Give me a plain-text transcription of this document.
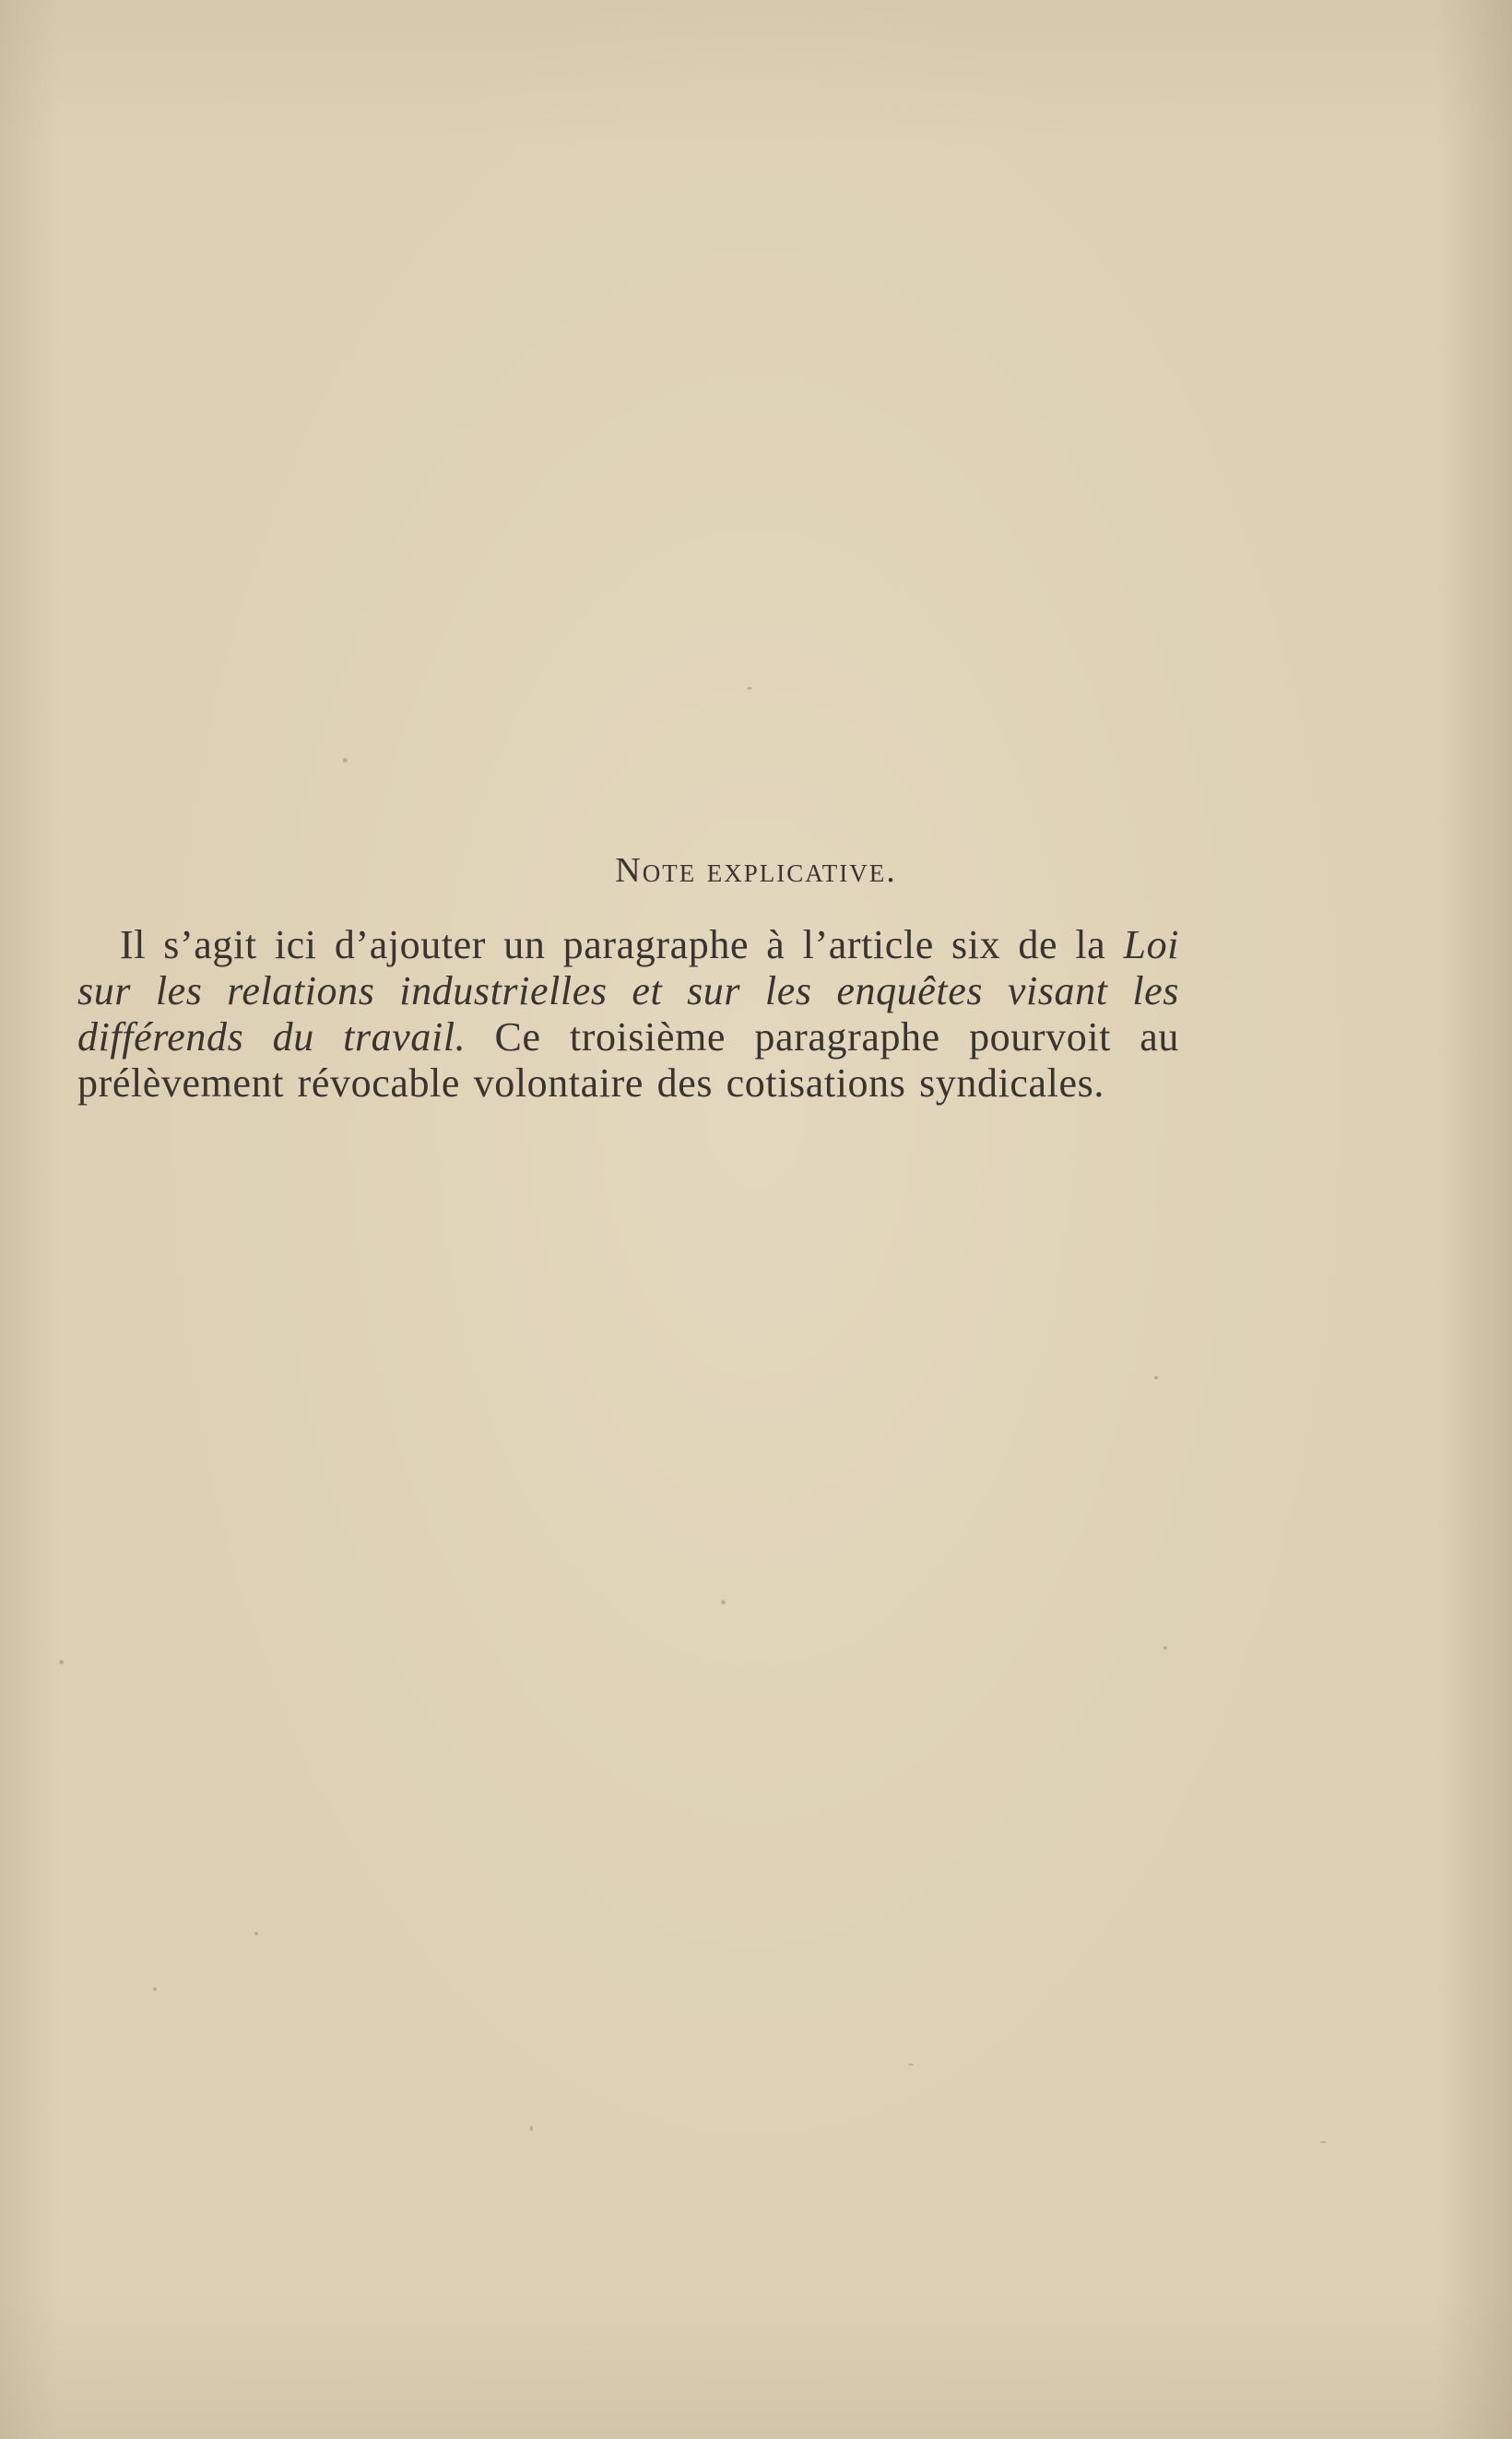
Note explicative.

Il s’agit ici d’ajouter un paragraphe à l’article six de la Loi sur les relations industrielles et sur les enquêtes visant les différends du travail. Ce troisième paragraphe pourvoit au prélèvement révocable volontaire des cotisations syndicales.
